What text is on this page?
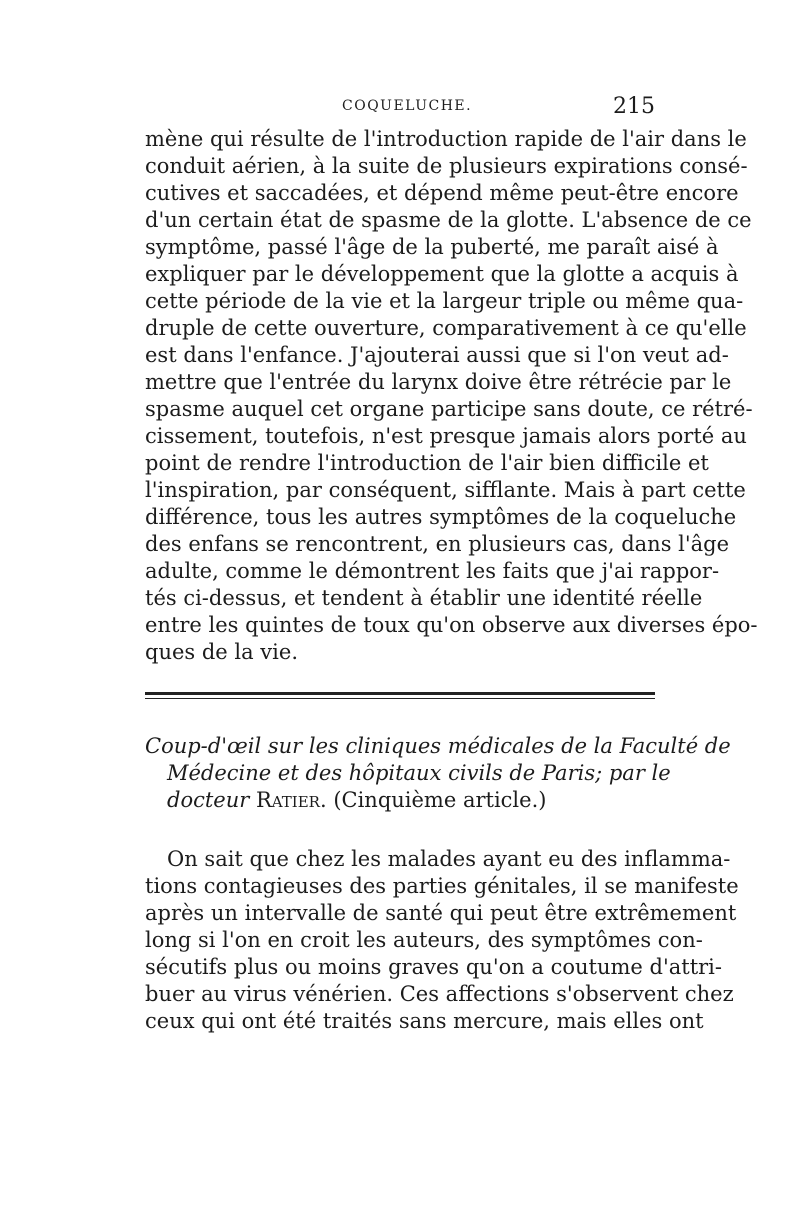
COQUELUCHE.	215
mène qui résulte de l'introduction rapide de l'air dans le
conduit aérien, à la suite de plusieurs expirations consé-
cutives et saccadées, et dépend même peut-être encore
d'un certain état de spasme de la glotte. L'absence de ce
symptôme, passé l'âge de la puberté, me paraît aisé à
expliquer par le développement que la glotte a acquis à
cette période de la vie et la largeur triple ou même qua-
druple de cette ouverture, comparativement à ce qu'elle
est dans l'enfance. J'ajouterai aussi que si l'on veut ad-
mettre que l'entrée du larynx doive être rétrécie par le
spasme auquel cet organe participe sans doute, ce rétré-
cissement, toutefois, n'est presque jamais alors porté au
point de rendre l'introduction de l'air bien difficile et
l'inspiration, par conséquent, sifflante. Mais à part cette
différence, tous les autres symptômes de la coqueluche
des enfans se rencontrent, en plusieurs cas, dans l'âge
adulte, comme le démontrent les faits que j'ai rappor-
tés ci-dessus, et tendent à établir une identité réelle
entre les quintes de toux qu'on observe aux diverses épo-
ques de la vie.
Coup-d'œil sur les cliniques médicales de la Faculté de
Médecine et des hôpitaux civils de Paris; par le
docteur Ratier. (Cinquième article.)
On sait que chez les malades ayant eu des inflamma-
tions contagieuses des parties génitales, il se manifeste
après un intervalle de santé qui peut être extrêmement
long si l'on en croit les auteurs, des symptômes con-
sécutifs plus ou moins graves qu'on a coutume d'attri-
buer au virus vénérien. Ces affections s'observent chez
ceux qui ont été traités sans mercure, mais elles ont
